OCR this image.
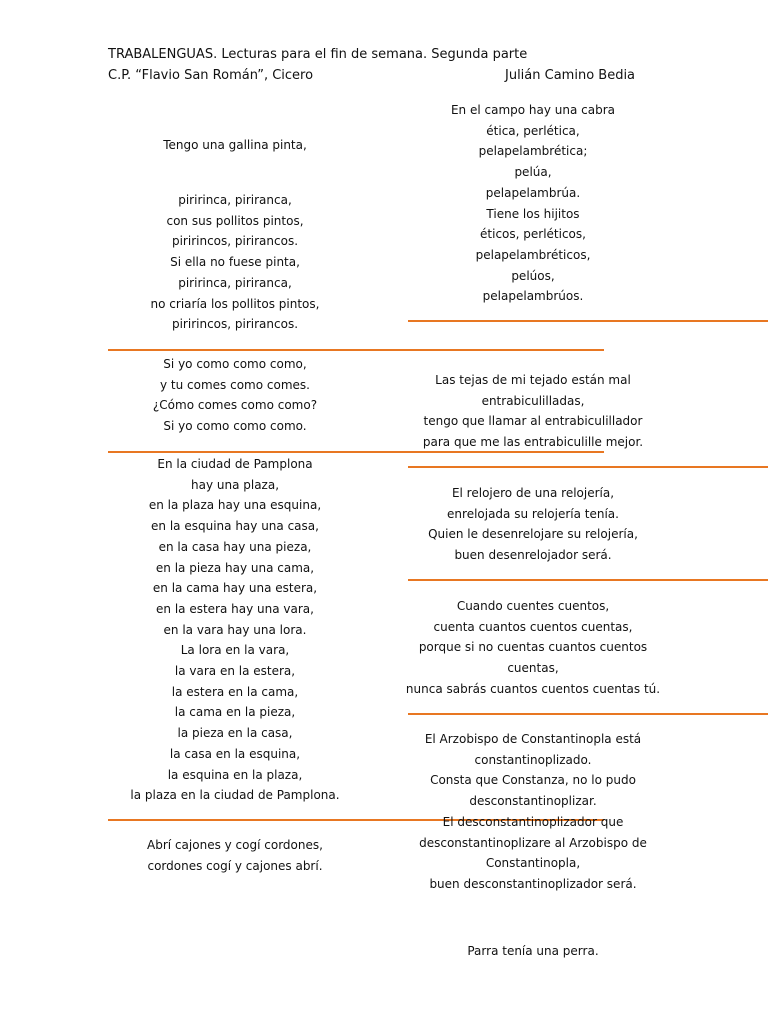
TRABALENGUAS. Lecturas para el fin de semana. Segunda parte
C.P. “Flavio San Román”, Cicero	Julián Camino Bedia
Tengo una gallina pinta,
piririnca, piriranca,
con sus pollitos pintos,
piririncos, pirirancos.
Si ella no fuese pinta,
piririnca, piriranca,
no criaría los pollitos pintos,
piririncos, pirirancos.
Si yo como como como,
y tu comes como comes.
¿Cómo comes como como?
Si yo como como como.
En la ciudad de Pamplona
hay una plaza,
en la plaza hay una esquina,
en la esquina hay una casa,
en la casa hay una pieza,
en la pieza hay una cama,
en la cama hay una estera,
en la estera hay una vara,
en la vara hay una lora.
La lora en la vara,
la vara en la estera,
la estera en la cama,
la cama en la pieza,
la pieza en la casa,
la casa en la esquina,
la esquina en la plaza,
la plaza en la ciudad de Pamplona.
Abrí cajones y cogí cordones,
cordones cogí y cajones abrí.
En el campo hay una cabra
ética, perlética,
pelapelambrética;
pelúa,
pelapelambrúa.
Tiene los hijitos
éticos, perléticos,
pelapelambréticos,
pelúos,
pelapelambrúos.
Las tejas de mi tejado están mal
entrabiculilladas,
tengo que llamar al entrabiculillador
para que me las entrabiculille mejor.
El relojero de una relojería,
enrelojada su relojería tenía.
Quien le desenrelojare su relojería,
buen desenrelojador será.
Cuando cuentes cuentos,
cuenta cuantos cuentos cuentas,
porque si no cuentas cuantos cuentos
cuentas,
nunca sabrás cuantos cuentos cuentas tú.
El Arzobispo de Constantinopla está
constantinoplizado.
Consta que Constanza, no lo pudo
desconstantinoplizar.
El desconstantinoplizador que
desconstantinoplizare al Arzobispo de
Constantinopla,
buen desconstantinoplizador será.
Parra tenía una perra.
